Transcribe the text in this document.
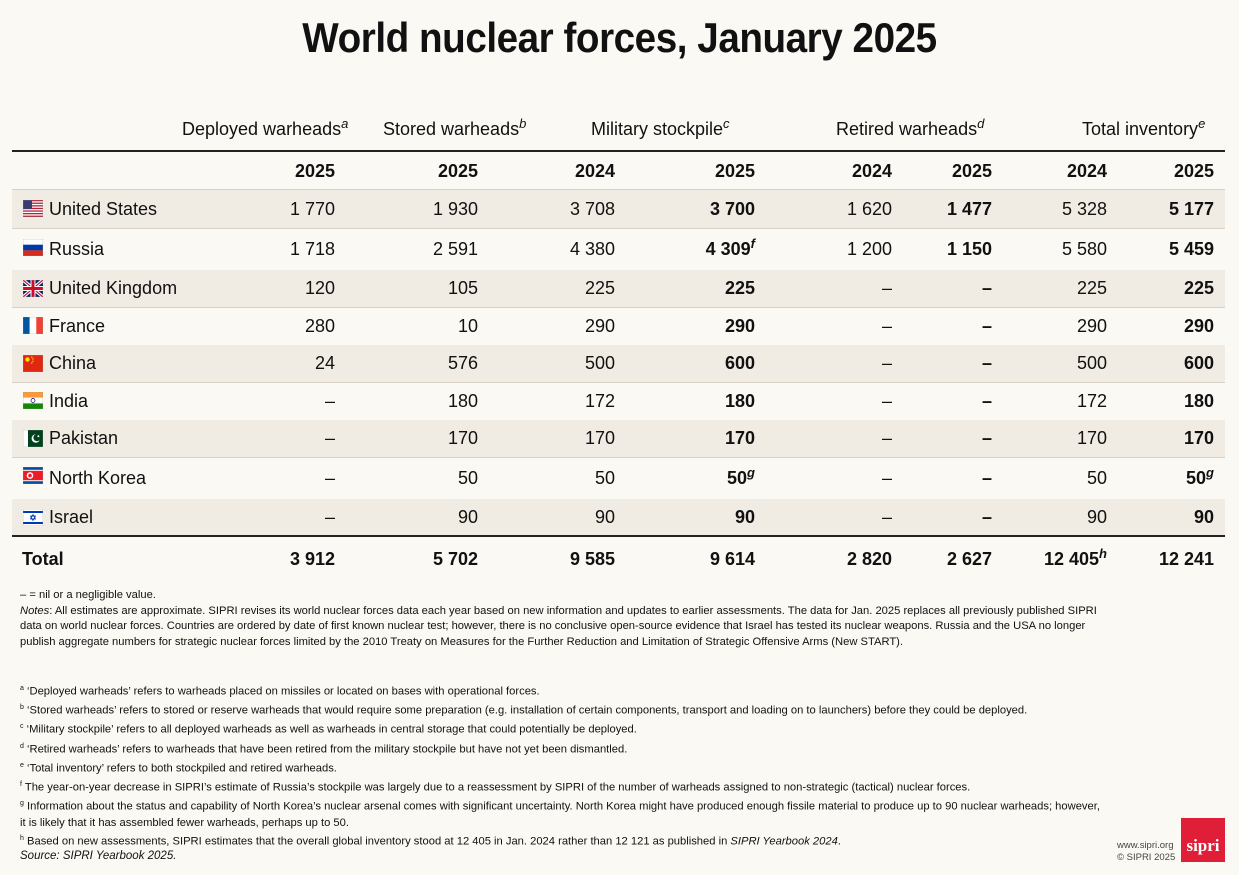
World nuclear forces, January 2025
Deployed warheads$^a$ Stored warheads$^b$	Military stockpile$^c$	Retired warheads$^d$	Total inventory$^e$
2025	2025	2024	2025	2024	2025	2024	2025
United States	1 770	1 930	3 708	3 700	1 620	1 477	5 328	5 177
Russia	1 718	2 591	4 380	4 309$^f$	1 200	1 150	5 580	5 459
United Kingdom	120	105	225	225	–	–	225	225
France	280	10	290	290	–	–	290	290
China	24	576	500	600	–	–	500	600
India	–	180	172	180	–	–	172	180
Pakistan	–	170	170	170	–	–	170	170
North Korea	–	50	50	50$^g$	–	–	50	50$^g$
Israel	–	90	90	90	–	–	90	90
Total	3 912	5 702	9 585	9 614	2 820	2 627	12 405$^h$	12 241
– = nil or a negligible value.
Notes: All estimates are approximate. SIPRI revises its world nuclear forces data each year based on new information and updates to earlier assessments. The data for Jan. 2025 replaces all previously published SIPRI data on world nuclear forces. Countries are ordered by date of first known nuclear test; however, there is no conclusive open-source evidence that Israel has tested its nuclear weapons. Russia and the USA no longer publish aggregate numbers for strategic nuclear forces limited by the 2010 Treaty on Measures for the Further Reduction and Limitation of Strategic Offensive Arms (New START).
$^a$ ‘Deployed warheads’ refers to warheads placed on missiles or located on bases with operational forces.
$^b$ ‘Stored warheads’ refers to stored or reserve warheads that would require some preparation (e.g. installation of certain components, transport and loading on to launchers) before they could be deployed.
$^c$ ‘Military stockpile’ refers to all deployed warheads as well as warheads in central storage that could potentially be deployed.
$^d$ ‘Retired warheads’ refers to warheads that have been retired from the military stockpile but have not yet been dismantled.
$^e$ ‘Total inventory’ refers to both stockpiled and retired warheads.
$^f$ The year-on-year decrease in SIPRI’s estimate of Russia’s stockpile was largely due to a reassessment by SIPRI of the number of warheads assigned to non-strategic (tactical) nuclear forces.
$^g$ Information about the status and capability of North Korea’s nuclear arsenal comes with significant uncertainty. North Korea might have produced enough fissile material to produce up to 90 nuclear warheads; however, it is likely that it has assembled fewer warheads, perhaps up to 50.
$^h$ Based on new assessments, SIPRI estimates that the overall global inventory stood at 12 405 in Jan. 2024 rather than 12 121 as published in SIPRI Yearbook 2024.
Source: SIPRI Yearbook 2025.
www.sipri.org
© SIPRI 2025
sipri
